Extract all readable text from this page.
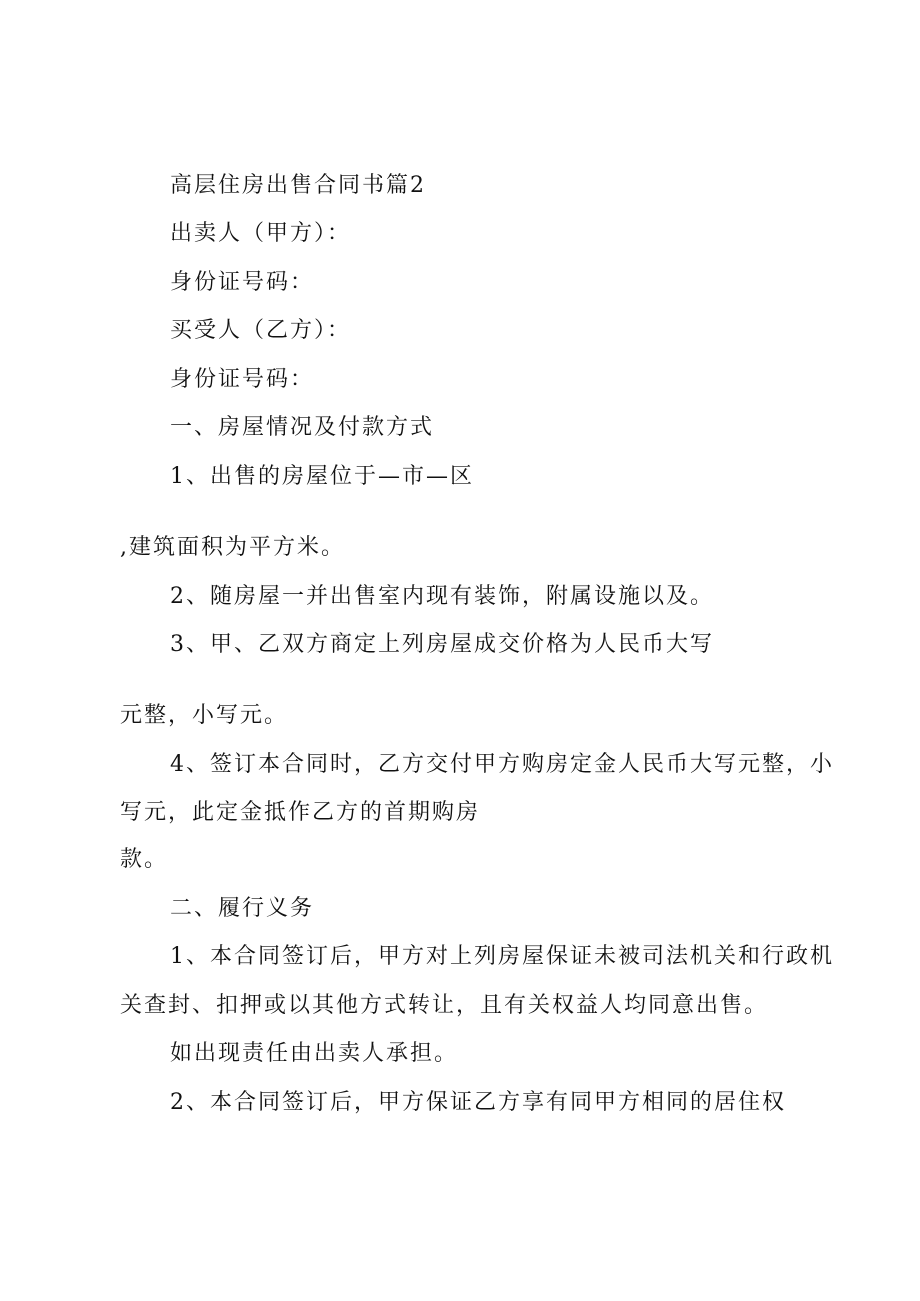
高层住房出售合同书篇2

出卖人（甲方）：

身份证号码：

买受人（乙方）：

身份证号码：

一、房屋情况及付款方式

1、出售的房屋位于—市—区

,建筑面积为平方米。

2、随房屋一并出售室内现有装饰，附属设施以及。

3、甲、乙双方商定上列房屋成交价格为人民币大写

元整，小写元。

4、签订本合同时，乙方交付甲方购房定金人民币大写元整，小

写元，此定金抵作乙方的首期购房

款。

二、履行义务

1、本合同签订后，甲方对上列房屋保证未被司法机关和行政机

关查封、扣押或以其他方式转让，且有关权益人均同意出售。

如出现责任由出卖人承担。

2、本合同签订后，甲方保证乙方享有同甲方相同的居住权
